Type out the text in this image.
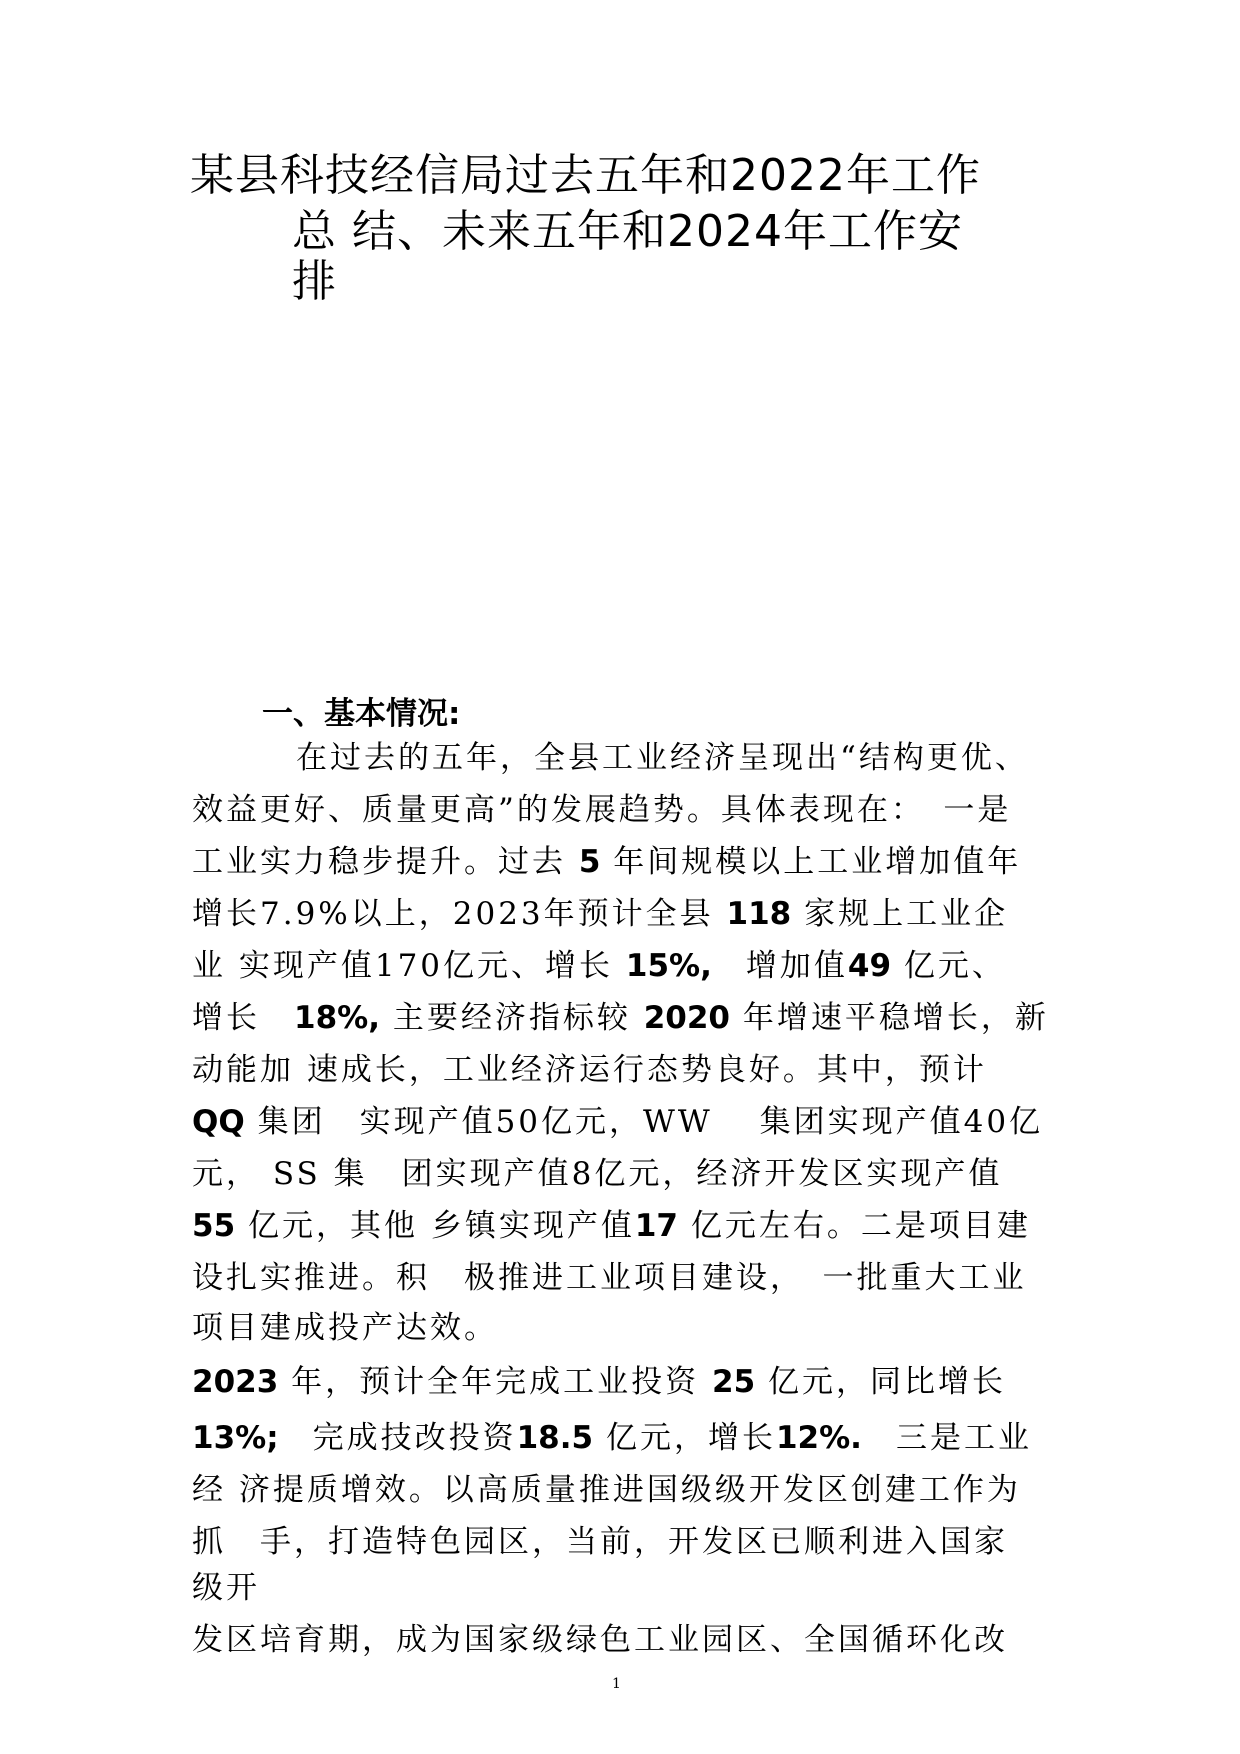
某县科技经信局过去五年和2022年工作
总 结、未来五年和2024年工作安
排
一、基本情况:
　在过去的五年，全县工业经济呈现出“结构更优、
效益更好、质量更高”的发展趋势。具体表现在：　一是
工业实力稳步提升。过去 5 年间规模以上工业增加值年
增长7.9%以上，2023年预计全县 118 家规上工业企
业 实现产值170亿元、增长 15%,　增加值49 亿元、
增长　18%, 主要经济指标较 2020 年增速平稳增长，新
动能加 速成长，工业经济运行态势良好。其中，预计
QQ 集团　实现产值50亿元，WW　 集团实现产值40亿
元， SS 集　团实现产值8亿元，经济开发区实现产值
55 亿元，其他 乡镇实现产值17 亿元左右。二是项目建
设扎实推进。积　极推进工业项目建设，　一批重大工业
项目建成投产达效。
2023 年，预计全年完成工业投资 25 亿元，同比增长
13%;　完成技改投资18.5 亿元，增长12%.　三是工业
经 济提质增效。以高质量推进国级级开发区创建工作为
抓　手，打造特色园区，当前，开发区已顺利进入国家
级开
发区培育期，成为国家级绿色工业园区、全国循环化改
1
